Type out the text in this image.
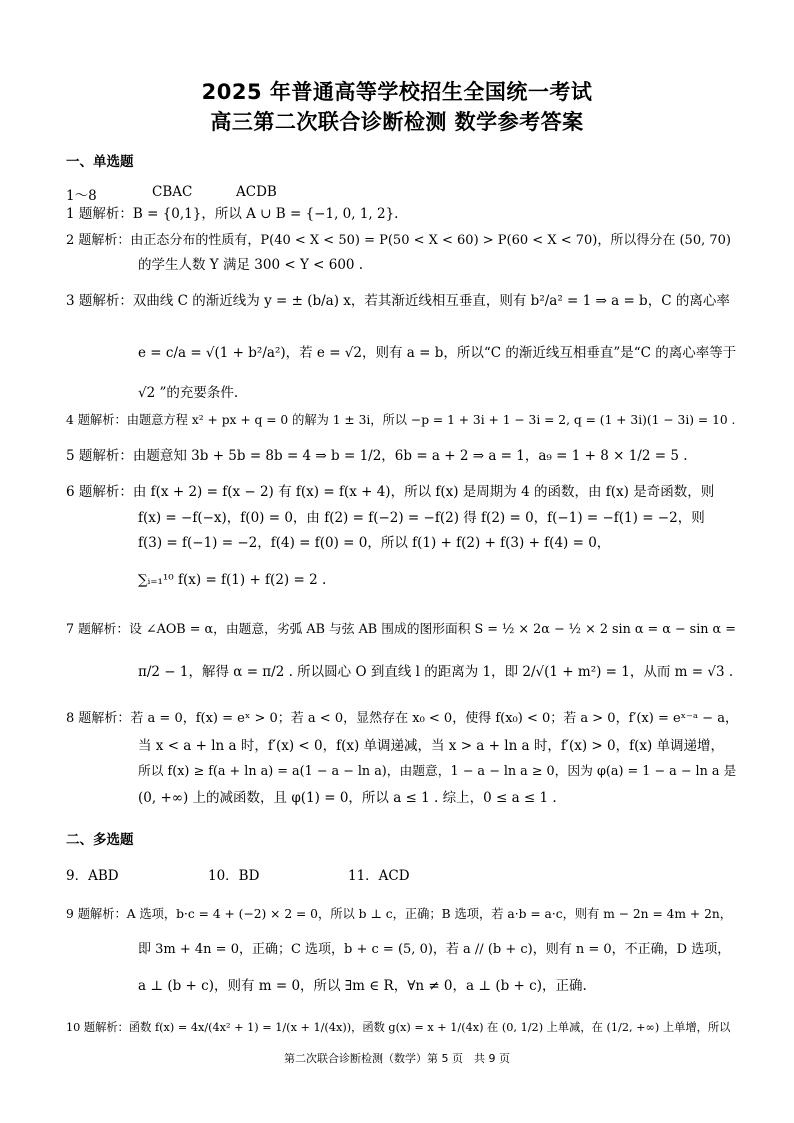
2025 年普通高等学校招生全国统一考试
高三第二次联合诊断检测 数学参考答案
一、单选题
1～8	CBAC	ACDB
1 题解析：B = {0,1}，所以 A ∪ B = {−1, 0, 1, 2}.
2 题解析：由正态分布的性质有，P(40 < X < 50) = P(50 < X < 60) > P(60 < X < 70)，所以得分在 (50, 70)
的学生人数 Y 满足 300 < Y < 600 .
3 题解析：双曲线 C 的渐近线为 y = ± (b/a) x，若其渐近线相互垂直，则有 b²/a² = 1 ⇒ a = b，C 的离心率
e = c/a = √(1 + b²/a²)，若 e = √2，则有 a = b，所以“C 的渐近线互相垂直”是“C 的离心率等于
√2 ”的充要条件.
4 题解析：由题意方程 x² + px + q = 0 的解为 1 ± 3i，所以 −p = 1 + 3i + 1 − 3i = 2, q = (1 + 3i)(1 − 3i) = 10 .
5 题解析：由题意知 3b + 5b = 8b = 4 ⇒ b = 1/2，6b = a + 2 ⇒ a = 1，a₉ = 1 + 8 × 1/2 = 5 .
6 题解析：由 f(x + 2) = f(x − 2) 有 f(x) = f(x + 4)，所以 f(x) 是周期为 4 的函数，由 f(x) 是奇函数，则
f(x) = −f(−x)，f(0) = 0，由 f(2) = f(−2) = −f(2) 得 f(2) = 0，f(−1) = −f(1) = −2，则
f(3) = f(−1) = −2，f(4) = f(0) = 0，所以 f(1) + f(2) + f(3) + f(4) = 0，
∑ᵢ₌₁¹⁰ f(x) = f(1) + f(2) = 2 .
7 题解析：设 ∠AOB = α，由题意，劣弧 AB 与弦 AB 围成的图形面积 S = ½ × 2α − ½ × 2 sin α = α − sin α =
π/2 − 1，解得 α = π/2 . 所以圆心 O 到直线 l 的距离为 1，即 2/√(1 + m²) = 1，从而 m = √3 .
8 题解析：若 a = 0，f(x) = eˣ > 0；若 a < 0，显然存在 x₀ < 0，使得 f(x₀) < 0；若 a > 0，f′(x) = eˣ⁻ᵃ − a，
当 x < a + ln a 时，f′(x) < 0，f(x) 单调递减，当 x > a + ln a 时，f′(x) > 0，f(x) 单调递增，
所以 f(x) ≥ f(a + ln a) = a(1 − a − ln a)，由题意，1 − a − ln a ≥ 0，因为 φ(a) = 1 − a − ln a 是
(0, +∞) 上的减函数，且 φ(1) = 0，所以 a ≤ 1 . 综上，0 ≤ a ≤ 1 .
二、多选题
9．ABD	10．BD	11．ACD
9 题解析：A 选项，b·c = 4 + (−2) × 2 = 0，所以 b ⊥ c，正确；B 选项，若 a·b = a·c，则有 m − 2n = 4m + 2n，
即 3m + 4n = 0，正确；C 选项，b + c = (5, 0)，若 a // (b + c)，则有 n = 0，不正确，D 选项，
a ⊥ (b + c)，则有 m = 0，所以 ∃m ∈ R，∀n ≠ 0，a ⊥ (b + c)，正确.
10 题解析：函数 f(x) = 4x/(4x² + 1) = 1/(x + 1/(4x))，函数 g(x) = x + 1/(4x) 在 (0, 1/2) 上单减，在 (1/2, +∞) 上单增，所以
第二次联合诊断检测（数学）第 5 页　共 9 页
